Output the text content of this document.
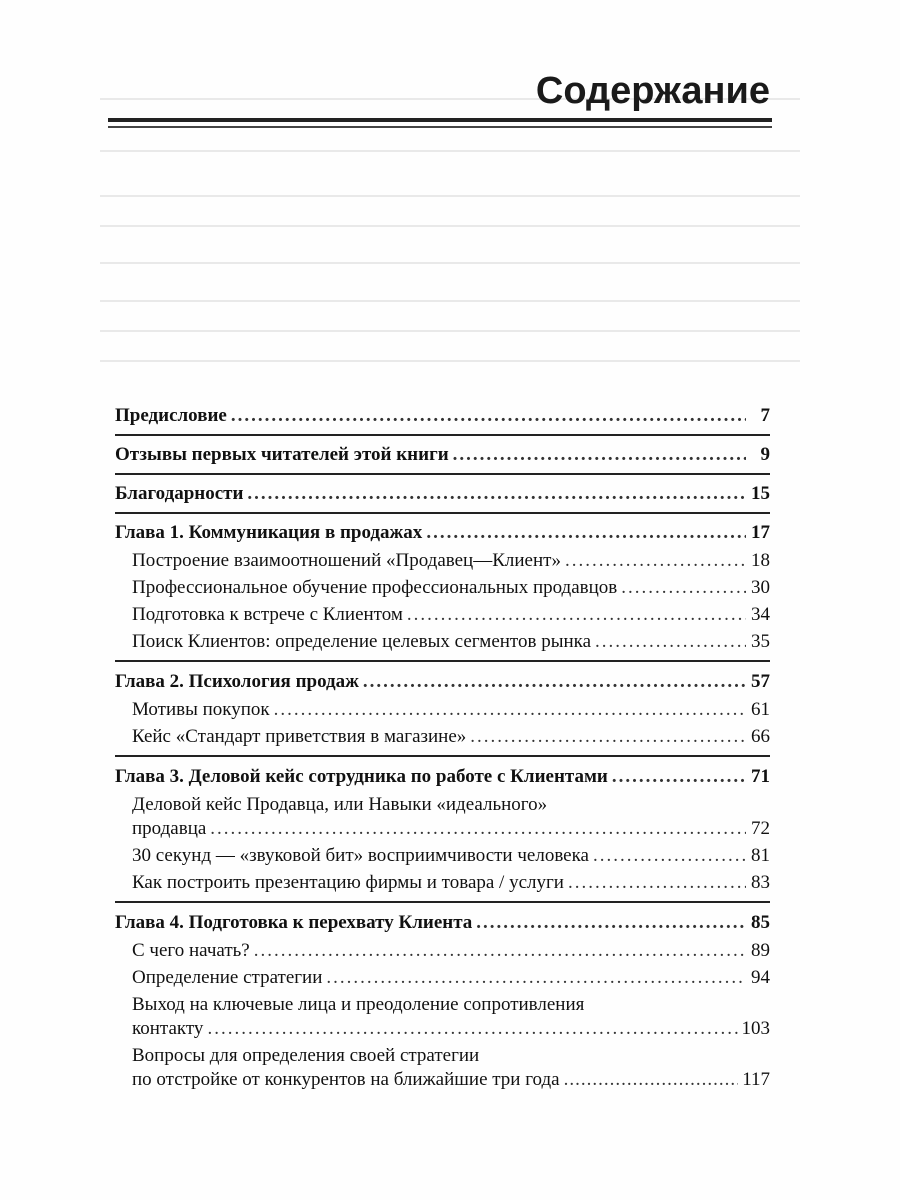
Содержание
Предисловие .....	7
Отзывы первых читателей этой книги .....	9
Благодарности .....	15
Глава 1. Коммуникация в продажах .....	17
Построение взаимоотношений «Продавец—Клиент» .....	18
Профессиональное обучение профессиональных продавцов .....	30
Подготовка к встрече с Клиентом .....	34
Поиск Клиентов: определение целевых сегментов рынка .....	35
Глава 2. Психология продаж .....	57
Мотивы покупок .....	61
Кейс «Стандарт приветствия в магазине» .....	66
Глава 3. Деловой кейс сотрудника по работе с Клиентами .....	71
Деловой кейс Продавца, или Навыки «идеального»
продавца .....	72
30 секунд — «звуковой бит» восприимчивости человека .....	81
Как построить презентацию фирмы и товара / услуги .....	83
Глава 4. Подготовка к перехвату Клиента .....	85
С чего начать? .....	89
Определение стратегии .....	94
Выход на ключевые лица и преодоление сопротивления
контакту .....	103
Вопросы для определения своей стратегии
по отстройке от конкурентов на ближайшие три года .....	117
